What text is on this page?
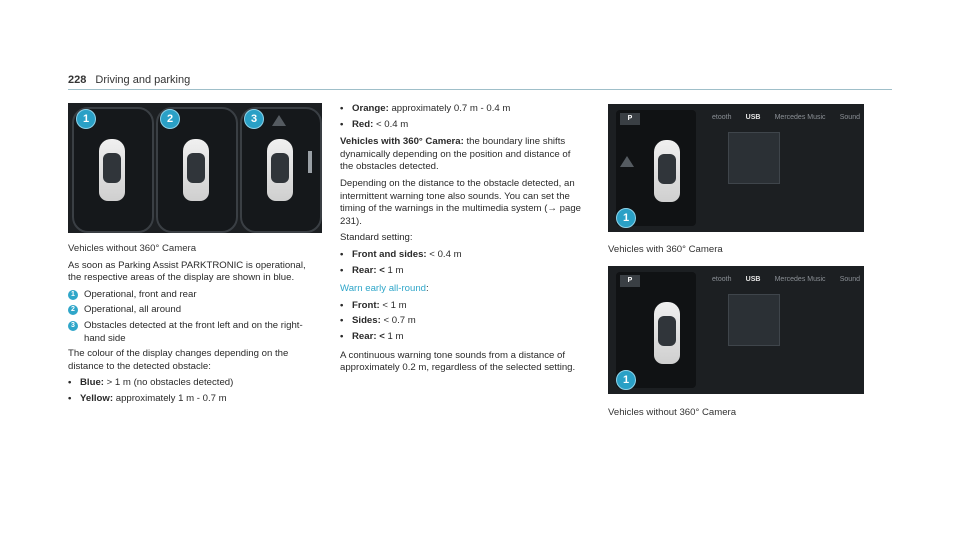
228 Driving and parking
1	2	3

Vehicles without 360° Camera

As soon as Parking Assist PARKTRONIC is operational, the respective areas of the display are shown in blue.

1 Operational, front and rear
2 Operational, all around
3 Obstacles detected at the front left and on the right-hand side

The colour of the display changes depending on the distance to the detected obstacle:

• Blue: > 1 m (no obstacles detected)
• Yellow: approximately 1 m - 0.7 m
• Orange: approximately 0.7 m - 0.4 m
• Red: < 0.4 m

Vehicles with 360° Camera: the boundary line shifts dynamically depending on the position and distance of the obstacles detected.

Depending on the distance to the obstacle detected, an intermittent warning tone also sounds. You can set the timing of the warnings in the multimedia system (→ page 231).

Standard setting:

• Front and sides: < 0.4 m
• Rear: < 1 m

Warn early all-round:

• Front: < 1 m
• Sides: < 0.7 m
• Rear: < 1 m

A continuous warning tone sounds from a distance of approximately 0.2 m, regardless of the selected setting.

P	etooth USB Mercedes Music Sound
1

Vehicles with 360° Camera

P	etooth USB Mercedes Music Sound
1

Vehicles without 360° Camera
